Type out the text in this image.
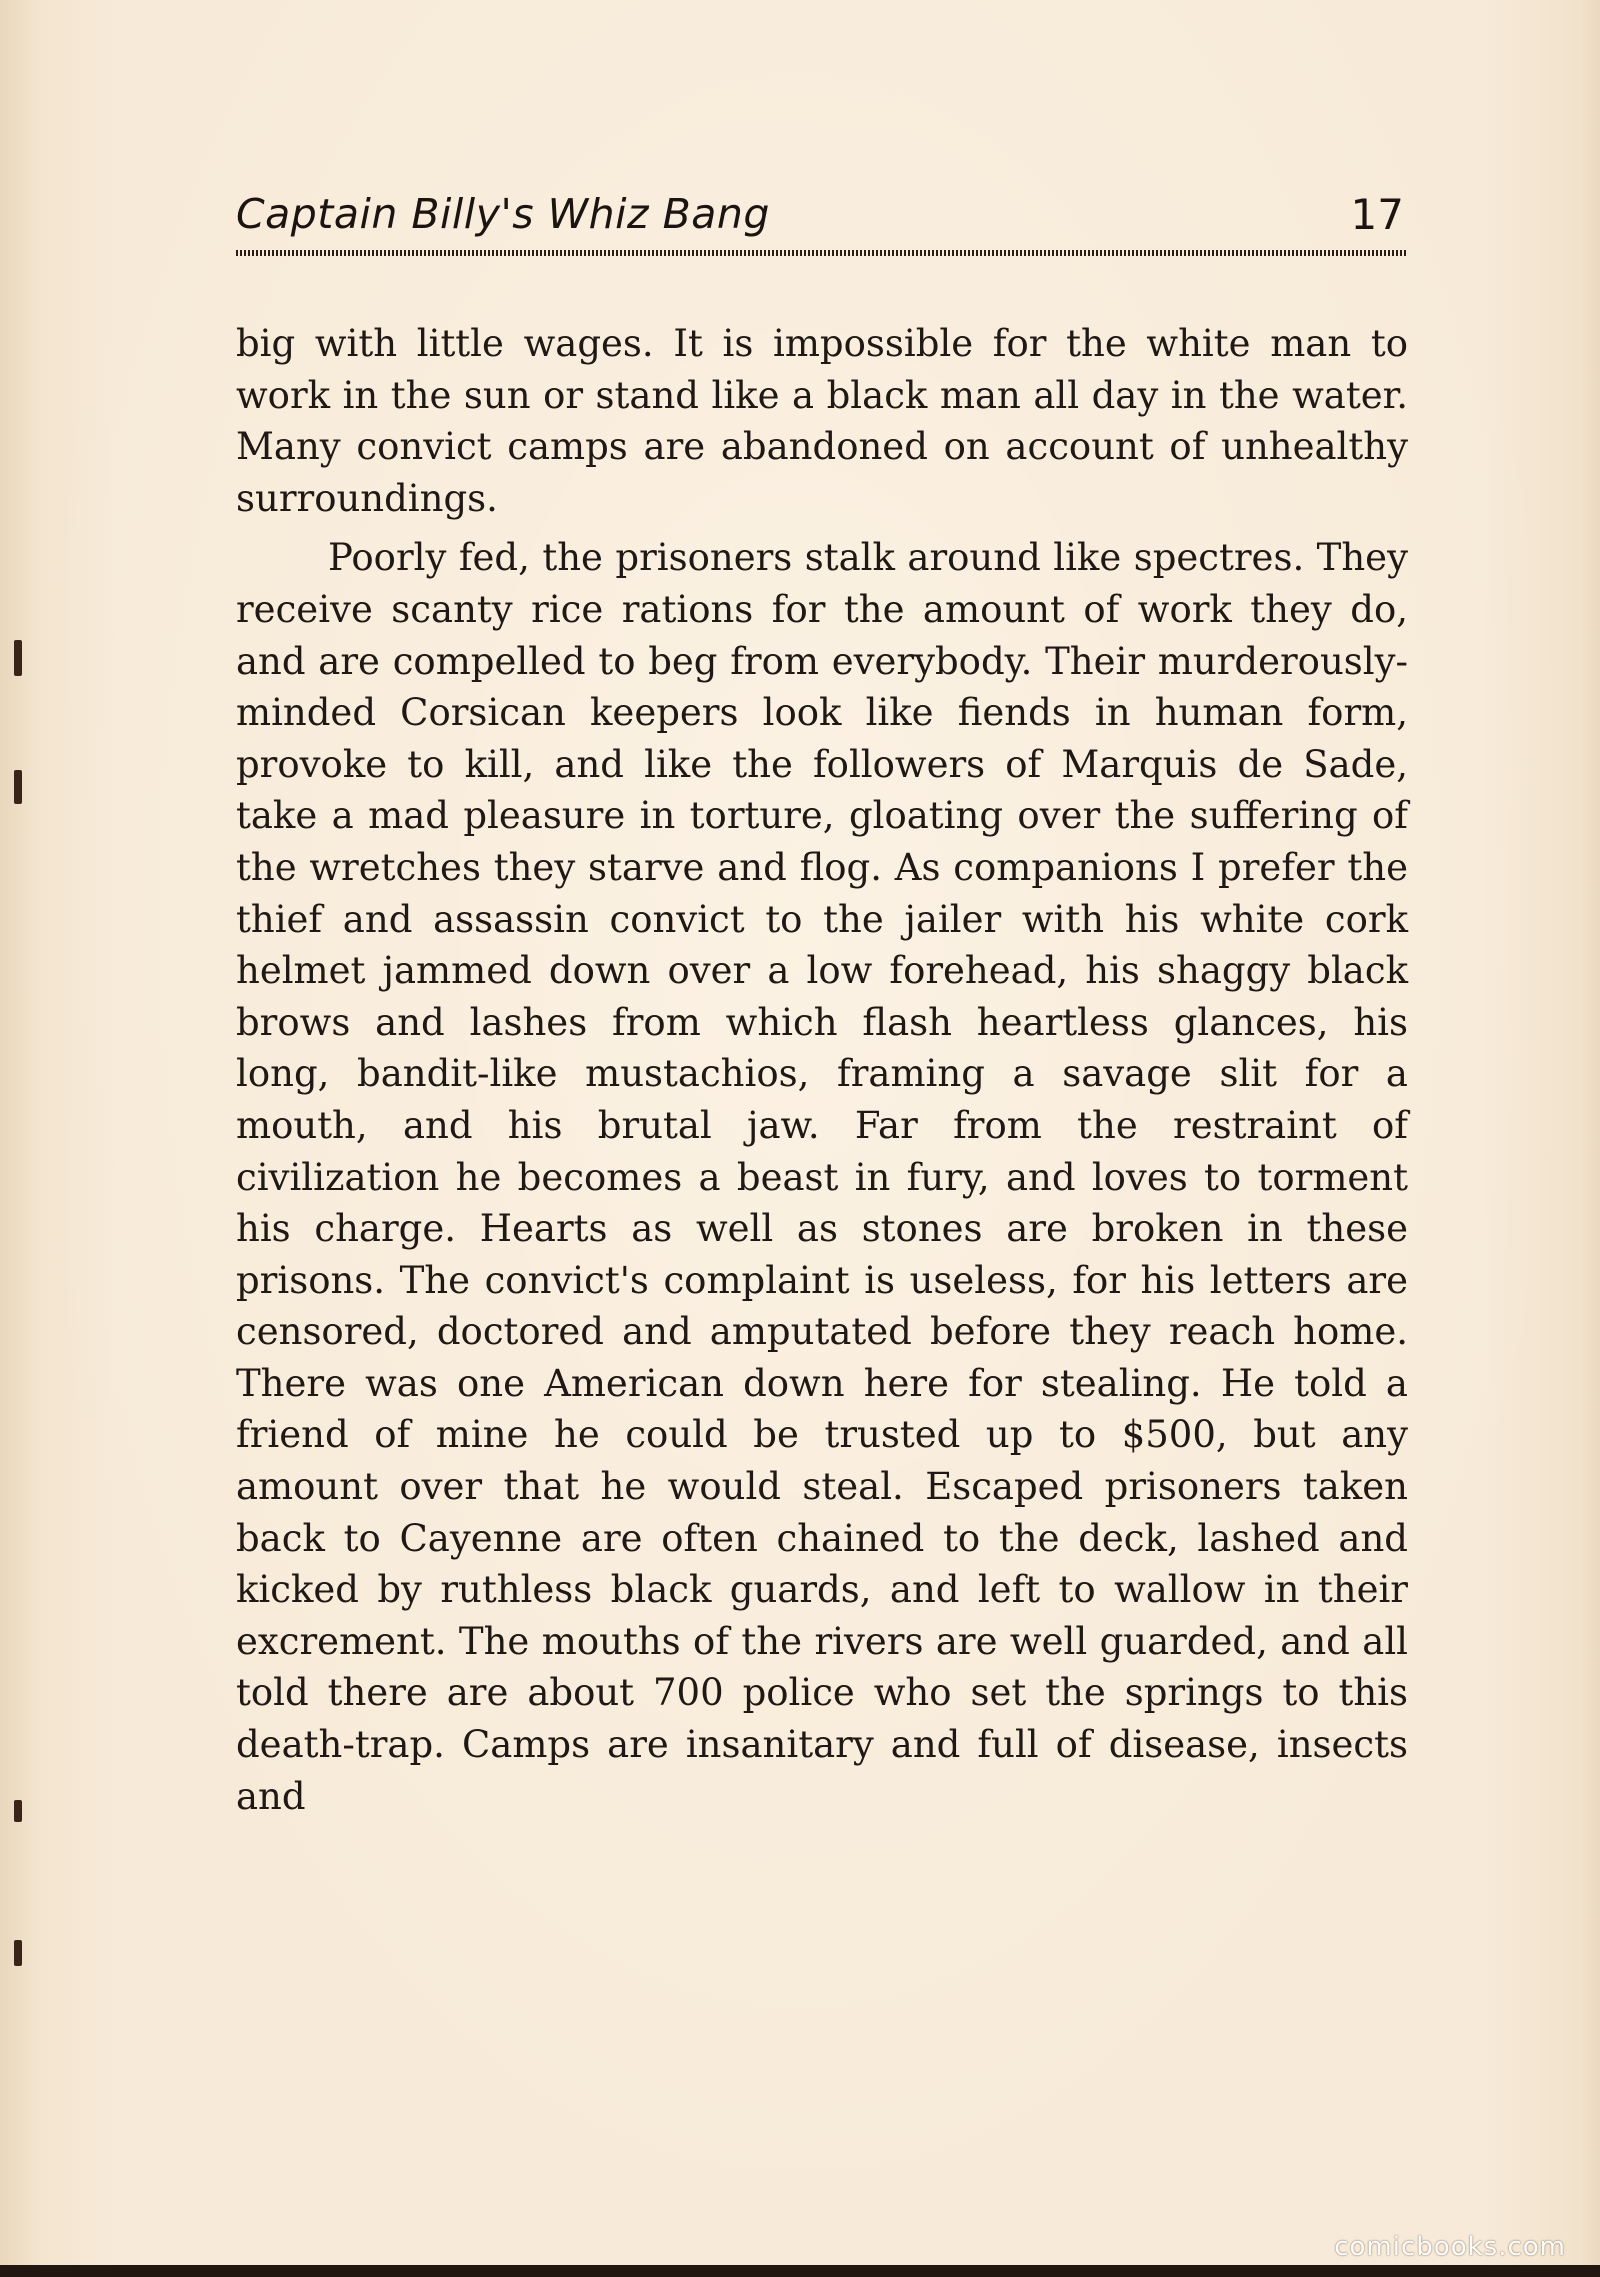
Captain Billy's Whiz Bang	17

big with little wages. It is impossible for the white man to work in the sun or stand like a black man all day in the water. Many convict camps are abandoned on account of unhealthy surroundings.

Poorly fed, the prisoners stalk around like spectres. They receive scanty rice rations for the amount of work they do, and are compelled to beg from everybody. Their murderously-minded Corsican keepers look like fiends in human form, provoke to kill, and like the followers of Marquis de Sade, take a mad pleasure in torture, gloating over the suffering of the wretches they starve and flog. As companions I prefer the thief and assassin convict to the jailer with his white cork helmet jammed down over a low forehead, his shaggy black brows and lashes from which flash heartless glances, his long, bandit-like mustachios, framing a savage slit for a mouth, and his brutal jaw. Far from the restraint of civilization he becomes a beast in fury, and loves to torment his charge. Hearts as well as stones are broken in these prisons. The convict's complaint is useless, for his letters are censored, doctored and amputated before they reach home. There was one American down here for stealing. He told a friend of mine he could be trusted up to $500, but any amount over that he would steal. Escaped prisoners taken back to Cayenne are often chained to the deck, lashed and kicked by ruthless black guards, and left to wallow in their excrement. The mouths of the rivers are well guarded, and all told there are about 700 police who set the springs to this death-trap. Camps are insanitary and full of disease, insects and

comicbooks.com
